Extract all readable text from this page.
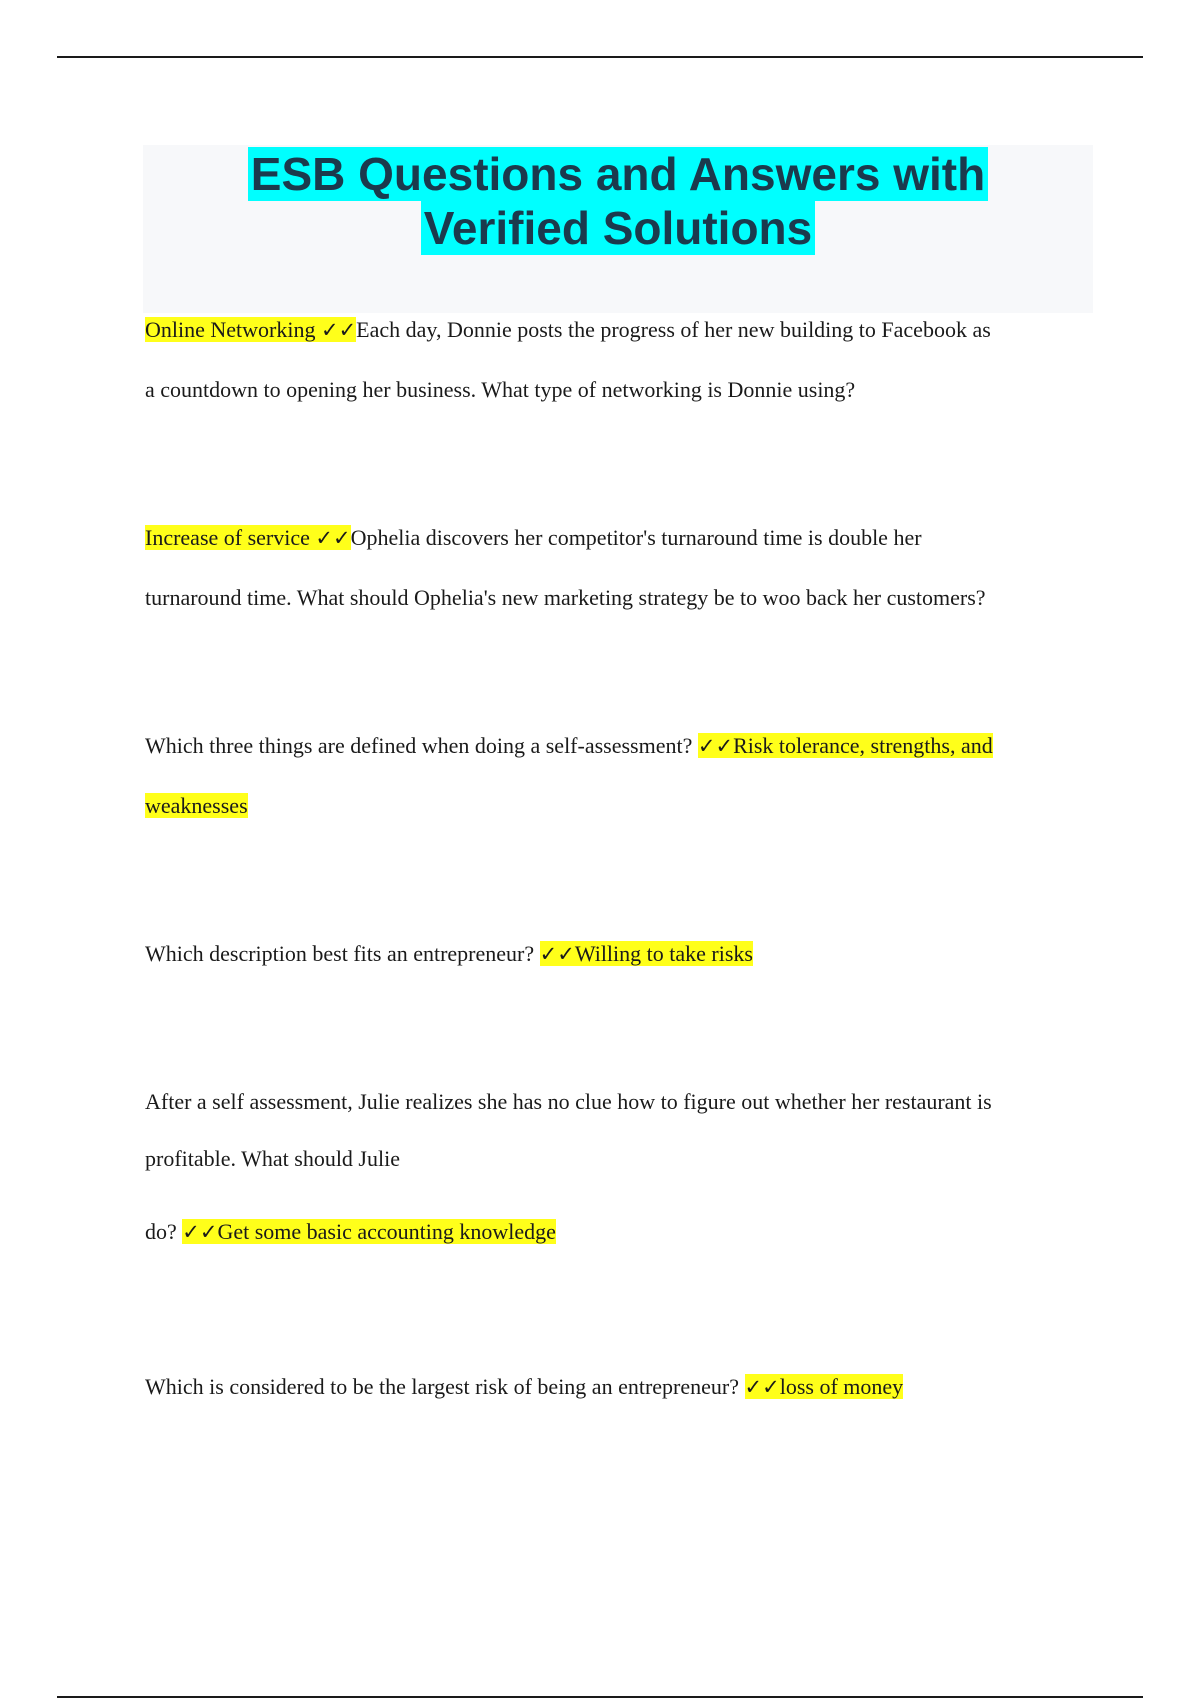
ESB Questions and Answers with
Verified Solutions
Online Networking ✓✓Each day, Donnie posts the progress of her new building to Facebook as
a countdown to opening her business. What type of networking is Donnie using?
Increase of service ✓✓Ophelia discovers her competitor's turnaround time is double her
turnaround time. What should Ophelia's new marketing strategy be to woo back her customers?
Which three things are defined when doing a self-assessment? ✓✓Risk tolerance, strengths, and
weaknesses
Which description best fits an entrepreneur? ✓✓Willing to take risks
After a self assessment, Julie realizes she has no clue how to figure out whether her restaurant is
profitable. What should Julie
do? ✓✓Get some basic accounting knowledge
Which is considered to be the largest risk of being an entrepreneur? ✓✓loss of money
